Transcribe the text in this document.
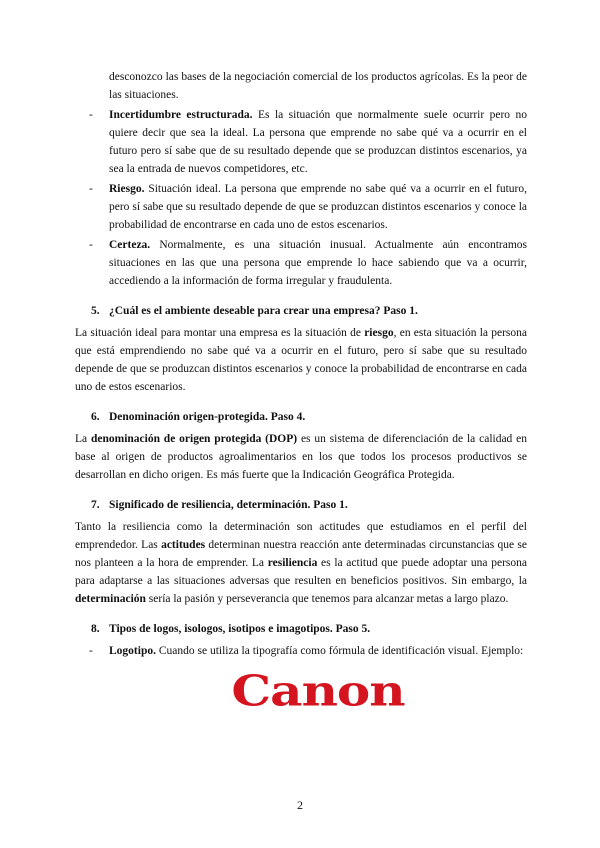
desconozco las bases de la negociación comercial de los productos agrícolas. Es la peor de las situaciones.

- Incertidumbre estructurada. Es la situación que normalmente suele ocurrir pero no quiere decir que sea la ideal. La persona que emprende no sabe qué va a ocurrir en el futuro pero sí sabe que de su resultado depende que se produzcan distintos escenarios, ya sea la entrada de nuevos competidores, etc.

- Riesgo. Situación ideal. La persona que emprende no sabe qué va a ocurrir en el futuro, pero sí sabe que su resultado depende de que se produzcan distintos escenarios y conoce la probabilidad de encontrarse en cada uno de estos escenarios.

- Certeza. Normalmente, es una situación inusual. Actualmente aún encontramos situaciones en las que una persona que emprende lo hace sabiendo que va a ocurrir, accediendo a la información de forma irregular y fraudulenta.

5. ¿Cuál es el ambiente deseable para crear una empresa? Paso 1.

La situación ideal para montar una empresa es la situación de riesgo, en esta situación la persona que está emprendiendo no sabe qué va a ocurrir en el futuro, pero sí sabe que su resultado depende de que se produzcan distintos escenarios y conoce la probabilidad de encontrarse en cada uno de estos escenarios.

6. Denominación origen-protegida. Paso 4.

La denominación de origen protegida (DOP) es un sistema de diferenciación de la calidad en base al origen de productos agroalimentarios en los que todos los procesos productivos se desarrollan en dicho origen. Es más fuerte que la Indicación Geográfica Protegida.

7. Significado de resiliencia, determinación. Paso 1.

Tanto la resiliencia como la determinación son actitudes que estudiamos en el perfil del emprendedor. Las actitudes determinan nuestra reacción ante determinadas circunstancias que se nos planteen a la hora de emprender. La resiliencia es la actitud que puede adoptar una persona para adaptarse a las situaciones adversas que resulten en beneficios positivos. Sin embargo, la determinación sería la pasión y perseverancia que tenemos para alcanzar metas a largo plazo.

8. Tipos de logos, isologos, isotipos e imagotipos. Paso 5.

- Logotipo. Cuando se utiliza la tipografía como fórmula de identificación visual. Ejemplo:

Canon
2
